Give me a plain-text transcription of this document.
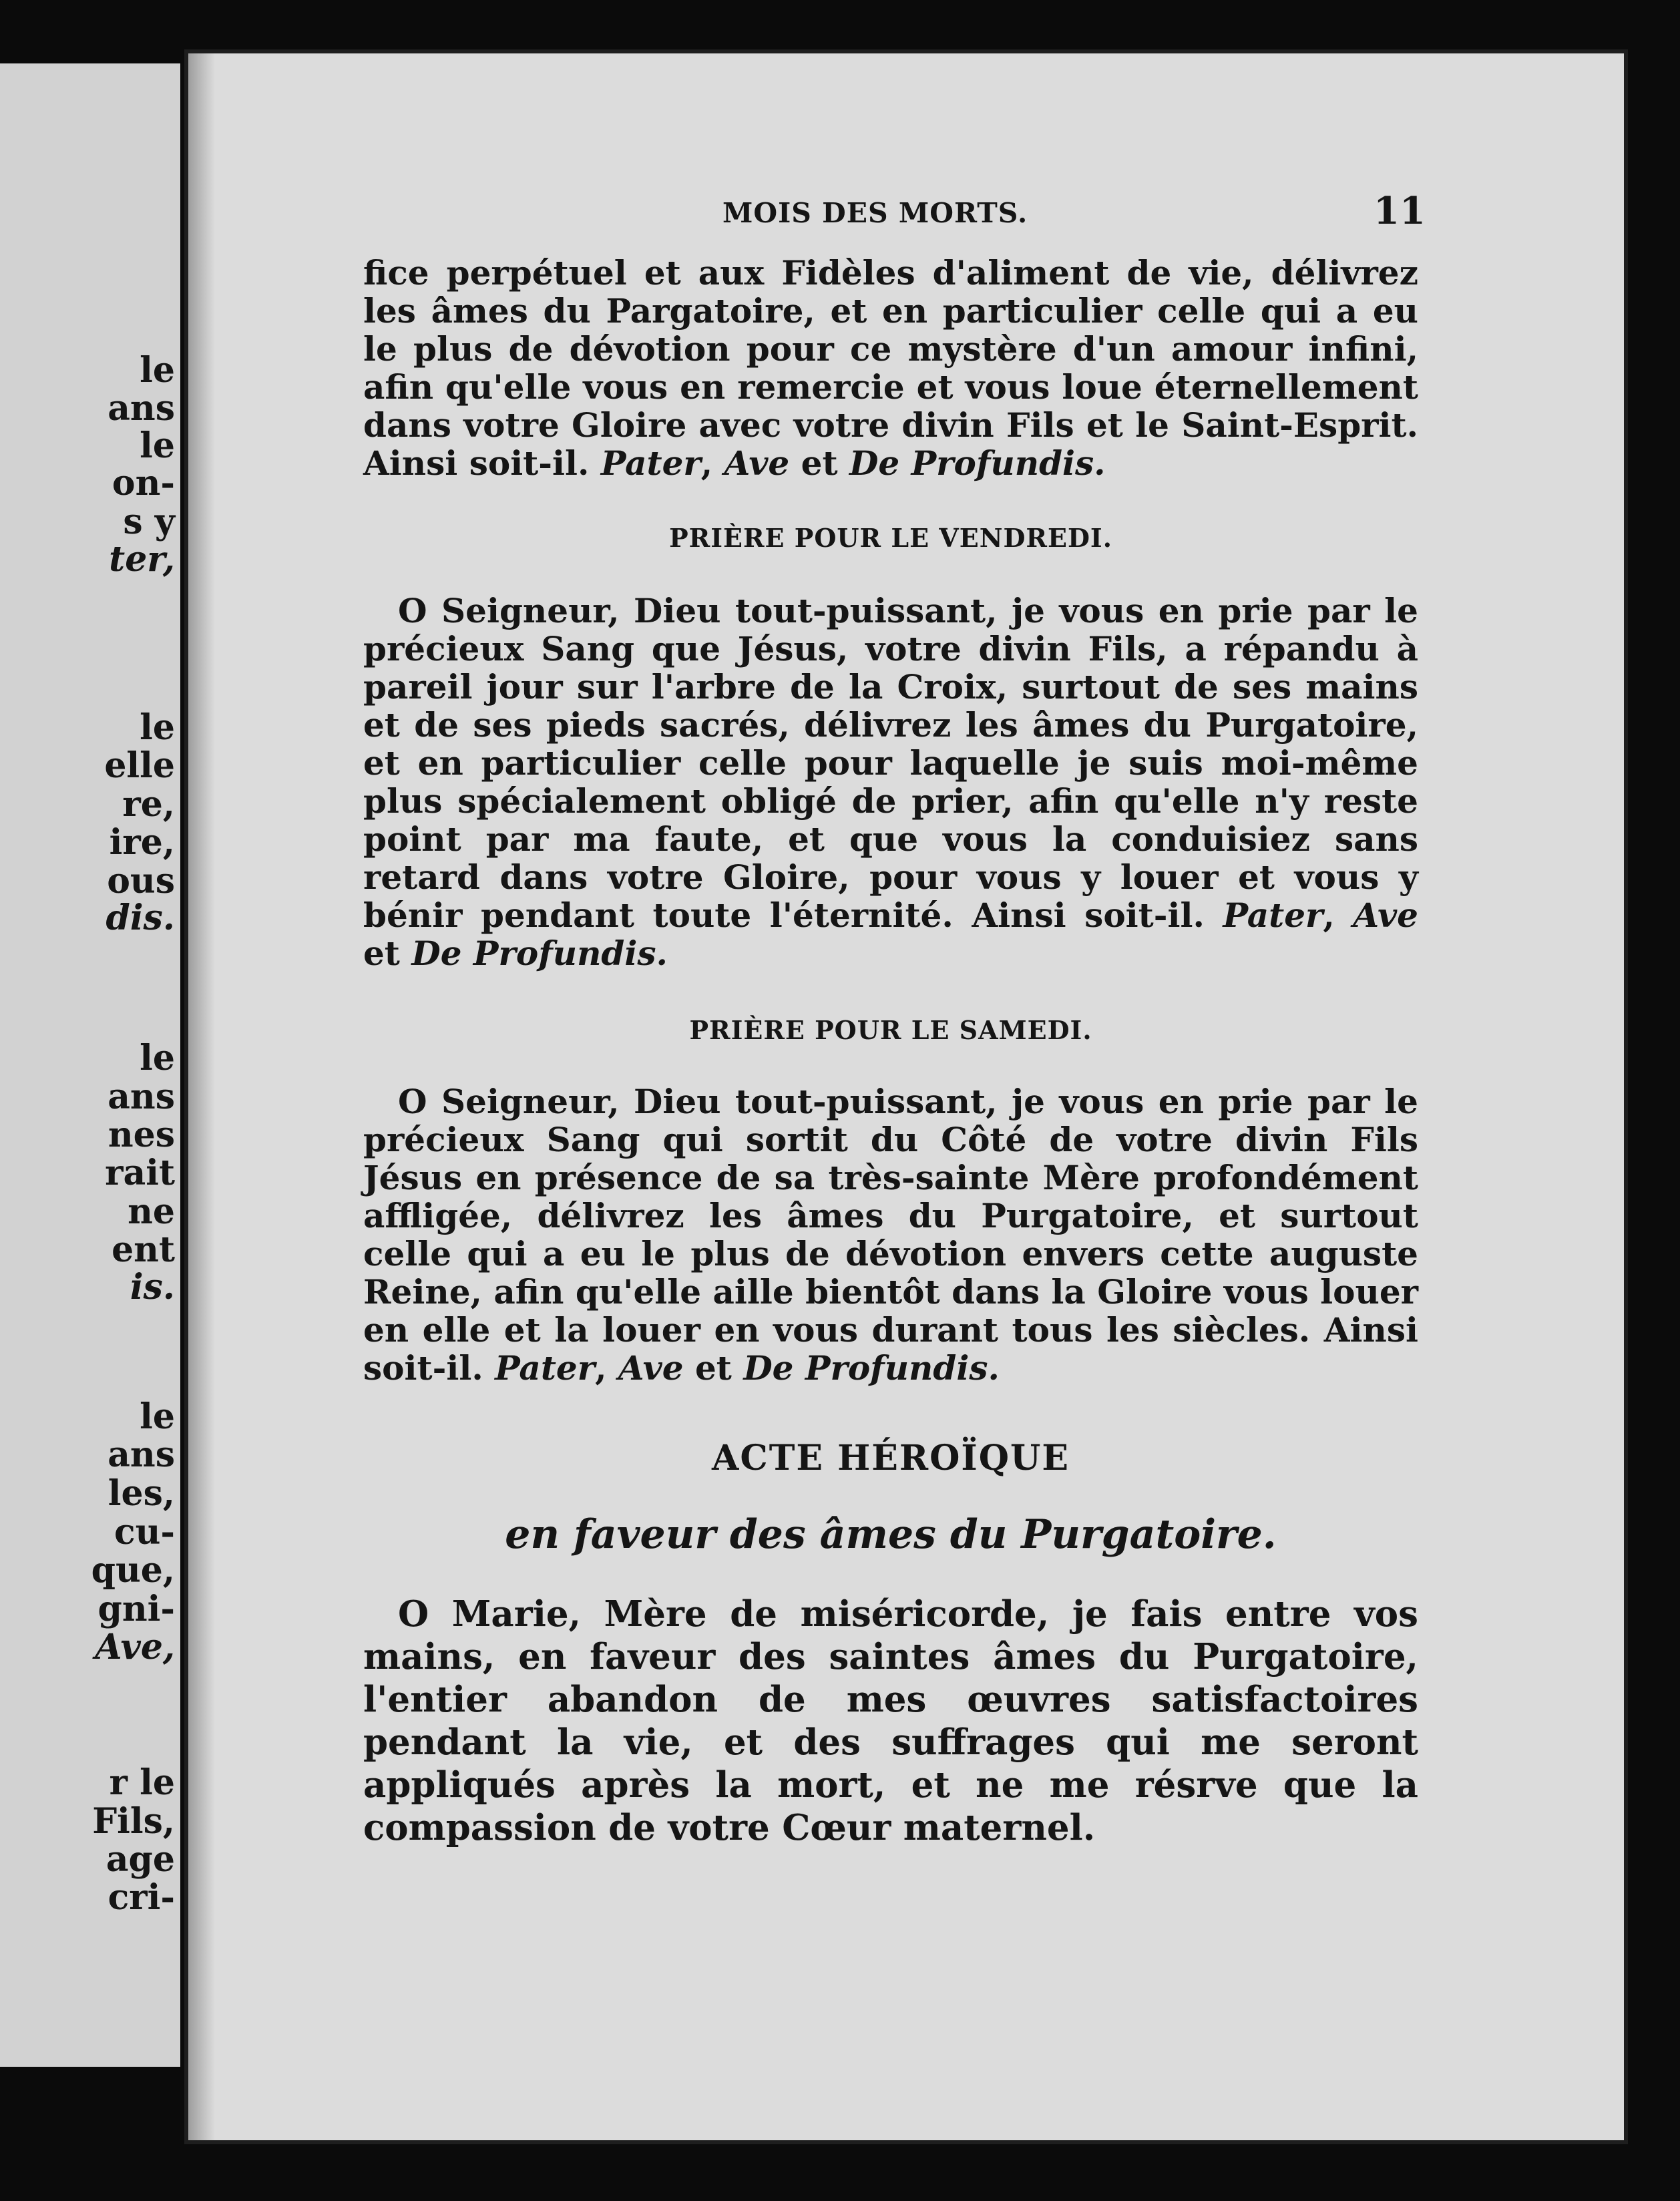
le
ans
le
on-
s y
ter,
le
elle
re,
ire,
ous
dis.
le
ans
nes
rait
ne
ent
is.
le
ans
les,
cu-
que,
gni-
Ave,
r le
Fils,
age
cri-
MOIS DES MORTS.	11

fice perpétuel et aux Fidèles d'aliment de vie, délivrez les âmes du Pargatoire, et en particulier celle qui a eu le plus de dévotion pour ce mystère d'un amour infini, afin qu'elle vous en remercie et vous loue éternellement dans votre Gloire avec votre divin Fils et le Saint-Esprit. Ainsi soit-il. Pater, Ave et De Profundis.

PRIÈRE POUR LE VENDREDI.

O Seigneur, Dieu tout-puissant, je vous en prie par le précieux Sang que Jésus, votre divin Fils, a répandu à pareil jour sur l'arbre de la Croix, surtout de ses mains et de ses pieds sacrés, délivrez les âmes du Purgatoire, et en particulier celle pour laquelle je suis moi-même plus spécialement obligé de prier, afin qu'elle n'y reste point par ma faute, et que vous la conduisiez sans retard dans votre Gloire, pour vous y louer et vous y bénir pendant toute l'éternité. Ainsi soit-il. Pater, Ave et De Profundis.

PRIÈRE POUR LE SAMEDI.

O Seigneur, Dieu tout-puissant, je vous en prie par le précieux Sang qui sortit du Côté de votre divin Fils Jésus en présence de sa très-sainte Mère profondément affligée, délivrez les âmes du Purgatoire, et surtout celle qui a eu le plus de dévotion envers cette auguste Reine, afin qu'elle aille bientôt dans la Gloire vous louer en elle et la louer en vous durant tous les siècles. Ainsi soit-il. Pater, Ave et De Profundis.

ACTE HÉROÏQUE
en faveur des âmes du Purgatoire.

O Marie, Mère de miséricorde, je fais entre vos mains, en faveur des saintes âmes du Purgatoire, l'entier abandon de mes œuvres satisfactoires pendant la vie, et des suffrages qui me seront appliqués après la mort, et ne me résrve que la compassion de votre Cœur maternel.
